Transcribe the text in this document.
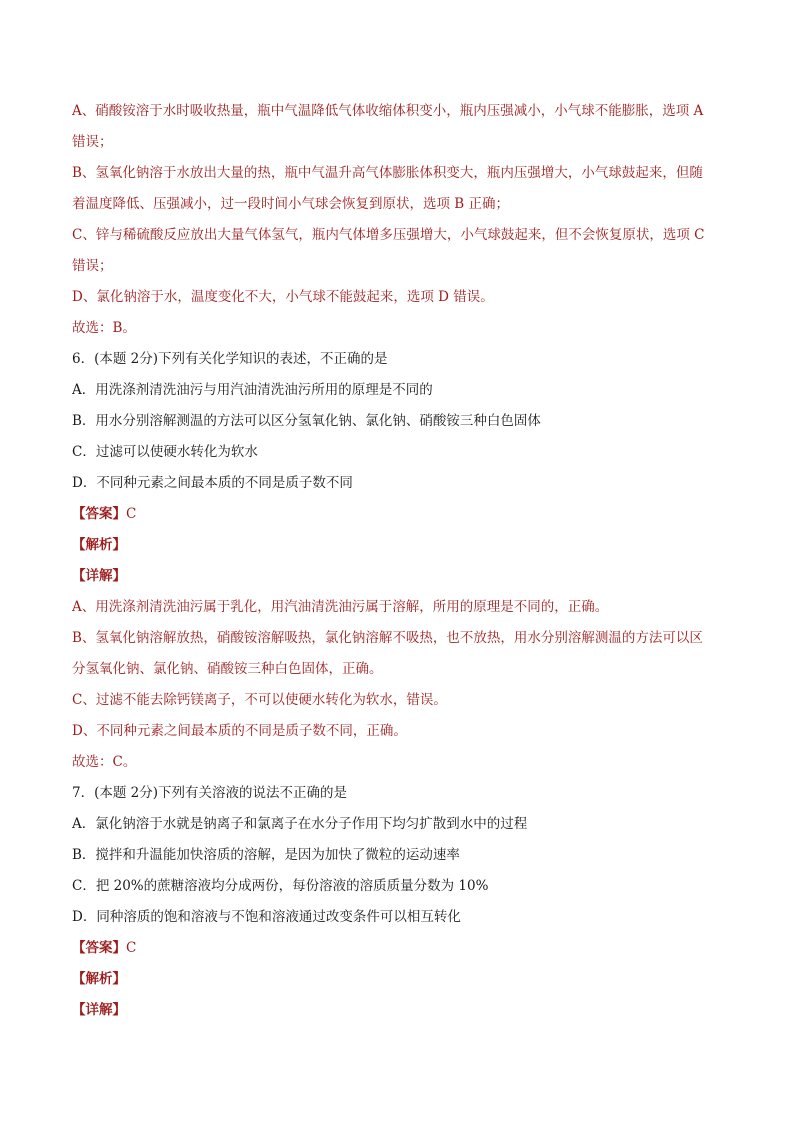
A、硝酸铵溶于水时吸收热量，瓶中气温降低气体收缩体积变小，瓶内压强减小，小气球不能膨胀，选项 A
错误；
B、氢氧化钠溶于水放出大量的热，瓶中气温升高气体膨胀体积变大，瓶内压强增大，小气球鼓起来，但随
着温度降低、压强减小，过一段时间小气球会恢复到原状，选项 B 正确；
C、锌与稀硫酸反应放出大量气体氢气，瓶内气体增多压强增大，小气球鼓起来，但不会恢复原状，选项 C
错误；
D、氯化钠溶于水，温度变化不大，小气球不能鼓起来，选项 D 错误。
故选：B。
6．(本题 2分)下列有关化学知识的表述，不正确的是
A．用洗涤剂清洗油污与用汽油清洗油污所用的原理是不同的
B．用水分别溶解测温的方法可以区分氢氧化钠、氯化钠、硝酸铵三种白色固体
C．过滤可以使硬水转化为软水
D．不同种元素之间最本质的不同是质子数不同
【答案】C
【解析】
【详解】
A、用洗涤剂清洗油污属于乳化，用汽油清洗油污属于溶解，所用的原理是不同的，正确。
B、氢氧化钠溶解放热，硝酸铵溶解吸热，氯化钠溶解不吸热，也不放热，用水分别溶解测温的方法可以区
分氢氧化钠、氯化钠、硝酸铵三种白色固体，正确。
C、过滤不能去除钙镁离子，不可以使硬水转化为软水，错误。
D、不同种元素之间最本质的不同是质子数不同，正确。
故选：C。
7．(本题 2分)下列有关溶液的说法不正确的是
A．氯化钠溶于水就是钠离子和氯离子在水分子作用下均匀扩散到水中的过程
B．搅拌和升温能加快溶质的溶解，是因为加快了微粒的运动速率
C．把 20%的蔗糖溶液均分成两份，每份溶液的溶质质量分数为 10%
D．同种溶质的饱和溶液与不饱和溶液通过改变条件可以相互转化
【答案】C
【解析】
【详解】
